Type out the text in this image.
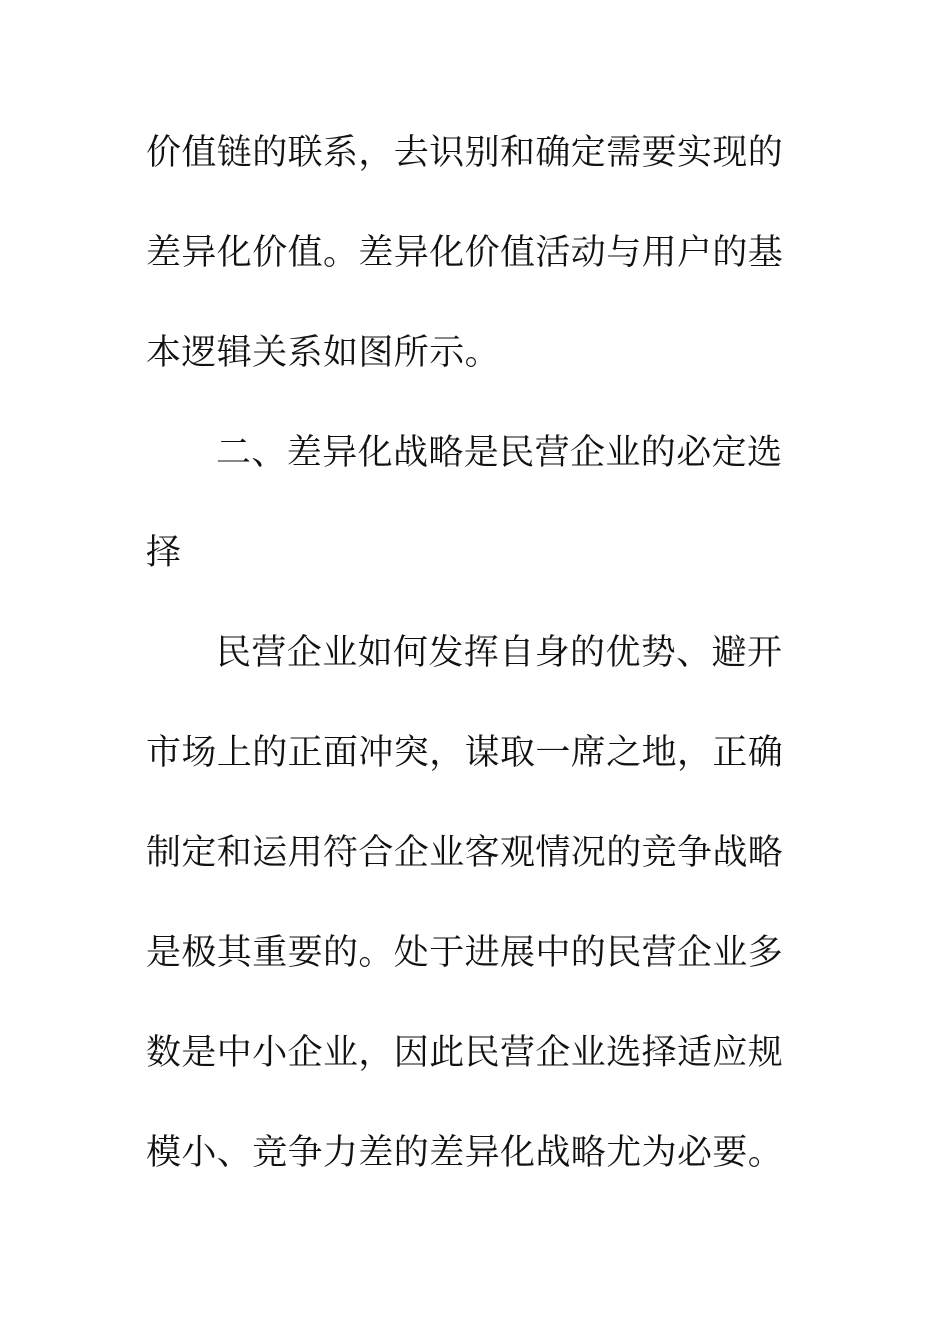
价值链的联系，去识别和确定需要实现的
差异化价值。差异化价值活动与用户的基
本逻辑关系如图所示。
二、差异化战略是民营企业的必定选
择
民营企业如何发挥自身的优势、避开
市场上的正面冲突，谋取一席之地，正确
制定和运用符合企业客观情况的竞争战略
是极其重要的。处于进展中的民营企业多
数是中小企业，因此民营企业选择适应规
模小、竞争力差的差异化战略尤为必要。
